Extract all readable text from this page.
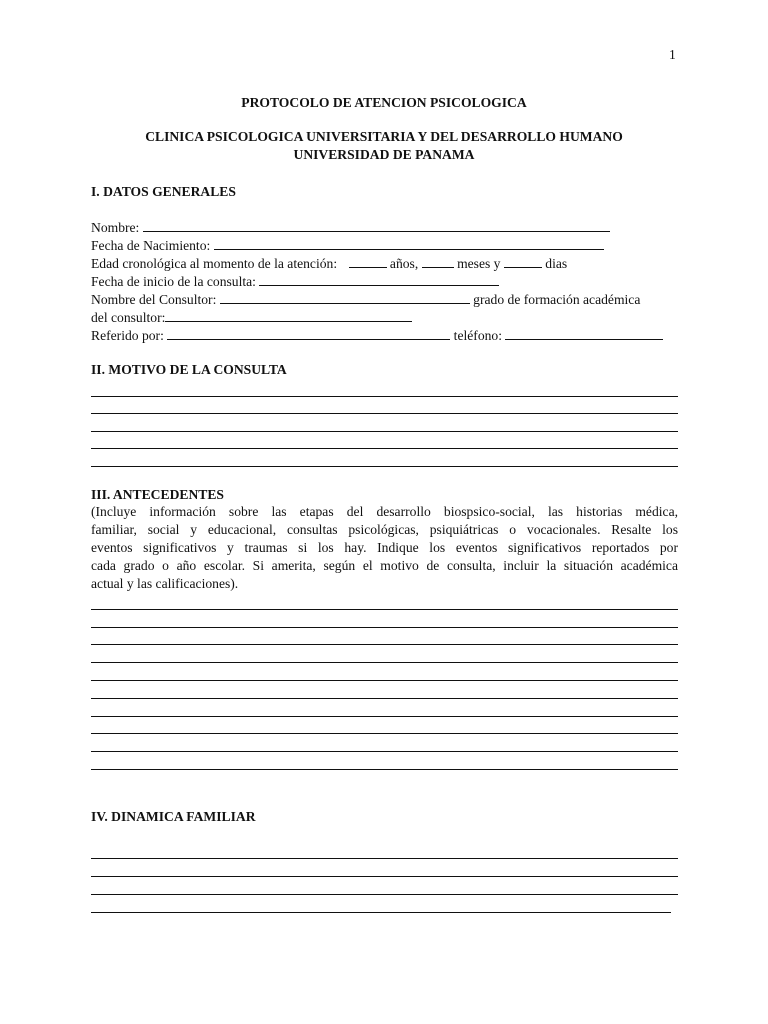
1
PROTOCOLO DE ATENCION PSICOLOGICA
CLINICA PSICOLOGICA UNIVERSITARIA Y DEL DESARROLLO HUMANO
UNIVERSIDAD DE PANAMA
I. DATOS GENERALES
Nombre:
Fecha de Nacimiento:
Edad cronológica al momento de la atención:	años,	meses y	dias
Fecha de inicio de la consulta:
Nombre del Consultor:	grado de formación académica
del consultor:
Referido por:	teléfono:
II. MOTIVO DE LA CONSULTA
III. ANTECEDENTES
(Incluye información sobre las etapas del desarrollo biospsico-social, las historias médica,
familiar, social y educacional, consultas psicológicas, psiquiátricas o vocacionales. Resalte los
eventos significativos y traumas si los hay. Indique los eventos significativos reportados por
cada grado o año escolar. Si amerita, según el motivo de consulta, incluir la situación académica
actual y las calificaciones).
IV. DINAMICA FAMILIAR
